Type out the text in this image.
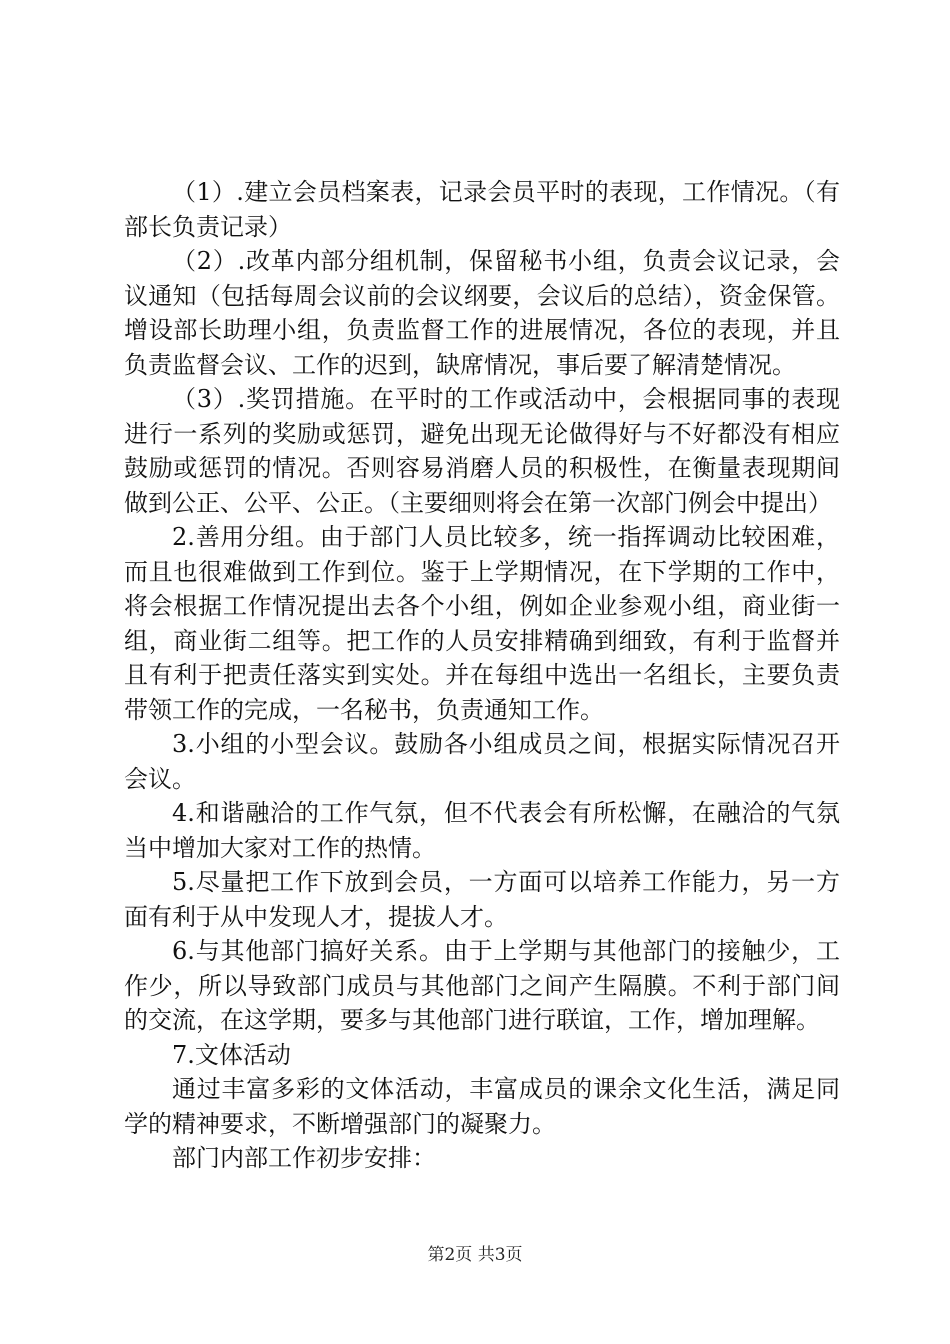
（1）.建立会员档案表，记录会员平时的表现，工作情况。（有部长负责记录）

（2）.改革内部分组机制，保留秘书小组，负责会议记录，会议通知（包括每周会议前的会议纲要，会议后的总结），资金保管。增设部长助理小组，负责监督工作的进展情况，各位的表现，并且负责监督会议、工作的迟到，缺席情况，事后要了解清楚情况。

（3）.奖罚措施。在平时的工作或活动中，会根据同事的表现进行一系列的奖励或惩罚，避免出现无论做得好与不好都没有相应鼓励或惩罚的情况。否则容易消磨人员的积极性，在衡量表现期间做到公正、公平、公正。（主要细则将会在第一次部门例会中提出）

2.善用分组。由于部门人员比较多，统一指挥调动比较困难，而且也很难做到工作到位。鉴于上学期情况，在下学期的工作中，将会根据工作情况提出去各个小组，例如企业参观小组，商业街一组，商业街二组等。把工作的人员安排精确到细致，有利于监督并且有利于把责任落实到实处。并在每组中选出一名组长，主要负责带领工作的完成，一名秘书，负责通知工作。

3.小组的小型会议。鼓励各小组成员之间，根据实际情况召开会议。

4.和谐融洽的工作气氛，但不代表会有所松懈，在融洽的气氛当中增加大家对工作的热情。

5.尽量把工作下放到会员，一方面可以培养工作能力，另一方面有利于从中发现人才，提拔人才。

6.与其他部门搞好关系。由于上学期与其他部门的接触少，工作少，所以导致部门成员与其他部门之间产生隔膜。不利于部门间的交流，在这学期，要多与其他部门进行联谊，工作，增加理解。

7.文体活动

通过丰富多彩的文体活动，丰富成员的课余文化生活，满足同学的精神要求，不断增强部门的凝聚力。

部门内部工作初步安排：

第2页 共3页
